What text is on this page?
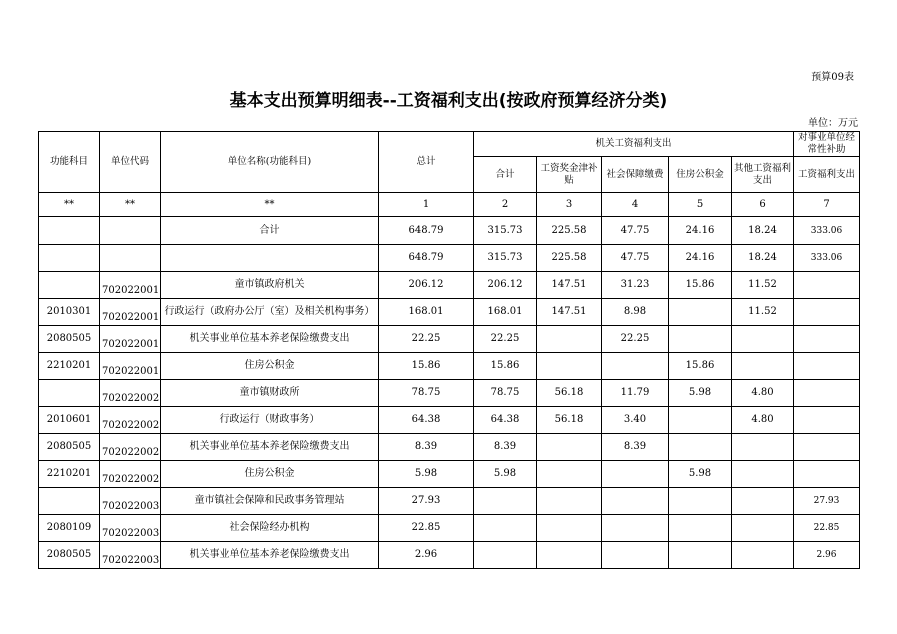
预算09表
基本支出预算明细表--工资福利支出(按政府预算经济分类)
单位：万元
功能科目	单位代码	单位名称(功能科目)	总计	机关工资福利支出					对事业单位经常性补助
				合计	工资奖金津补贴	社会保障缴费	住房公积金	其他工资福利支出	工资福利支出
**	**	**	1	2	3	4	5	6	7
		合计	648.79	315.73	225.58	47.75	24.16	18.24	333.06
			648.79	315.73	225.58	47.75	24.16	18.24	333.06
	702022001	童市镇政府机关	206.12	206.12	147.51	31.23	15.86	11.52	
2010301	702022001	行政运行（政府办公厅（室）及相关机构事务）	168.01	168.01	147.51	8.98		11.52	
2080505	702022001	机关事业单位基本养老保险缴费支出	22.25	22.25		22.25			
2210201	702022001	住房公积金	15.86	15.86			15.86		
	702022002	童市镇财政所	78.75	78.75	56.18	11.79	5.98	4.80	
2010601	702022002	行政运行（财政事务）	64.38	64.38	56.18	3.40		4.80	
2080505	702022002	机关事业单位基本养老保险缴费支出	8.39	8.39		8.39			
2210201	702022002	住房公积金	5.98	5.98			5.98		
	702022003	童市镇社会保障和民政事务管理站	27.93						27.93
2080109	702022003	社会保险经办机构	22.85						22.85
2080505	702022003	机关事业单位基本养老保险缴费支出	2.96						2.96
